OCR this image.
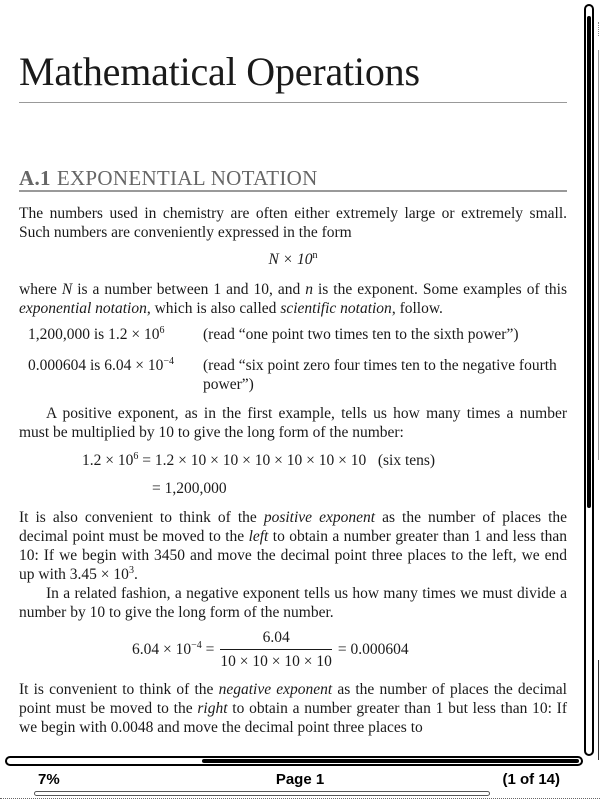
Mathematical Operations
A.1 EXPONENTIAL NOTATION

The numbers used in chemistry are often either extremely large or extremely small. Such numbers are conveniently expressed in the form

$N \times 10^n$

where N is a number between 1 and 10, and n is the exponent. Some examples of this exponential notation, which is also called scientific notation, follow.

1,200,000 is $1.2 \times 10^6$ (read “one point two times ten to the sixth power”)
0.000604 is $6.04 \times 10^{-4}$ (read “six point zero four times ten to the negative fourth power”)

A positive exponent, as in the first example, tells us how many times a number must be multiplied by 10 to give the long form of the number:

$1.2 \times 10^6 = 1.2 \times 10 \times 10 \times 10 \times 10 \times 10 \times 10$ (six tens)
= 1,200,000

It is also convenient to think of the positive exponent as the number of places the decimal point must be moved to the left to obtain a number greater than 1 and less than 10: If we begin with 3450 and move the decimal point three places to the left, we end up with $3.45 \times 10^3$.

In a related fashion, a negative exponent tells us how many times we must divide a number by 10 to give the long form of the number.

$6.04 \times 10^{-4} = \frac{6.04}{10 \times 10 \times 10 \times 10} = 0.000604$

It is convenient to think of the negative exponent as the number of places the decimal point must be moved to the right to obtain a number greater than 1 but less than 10: If we begin with 0.0048 and move the decimal point three places to

7%	Page 1	(1 of 14)
